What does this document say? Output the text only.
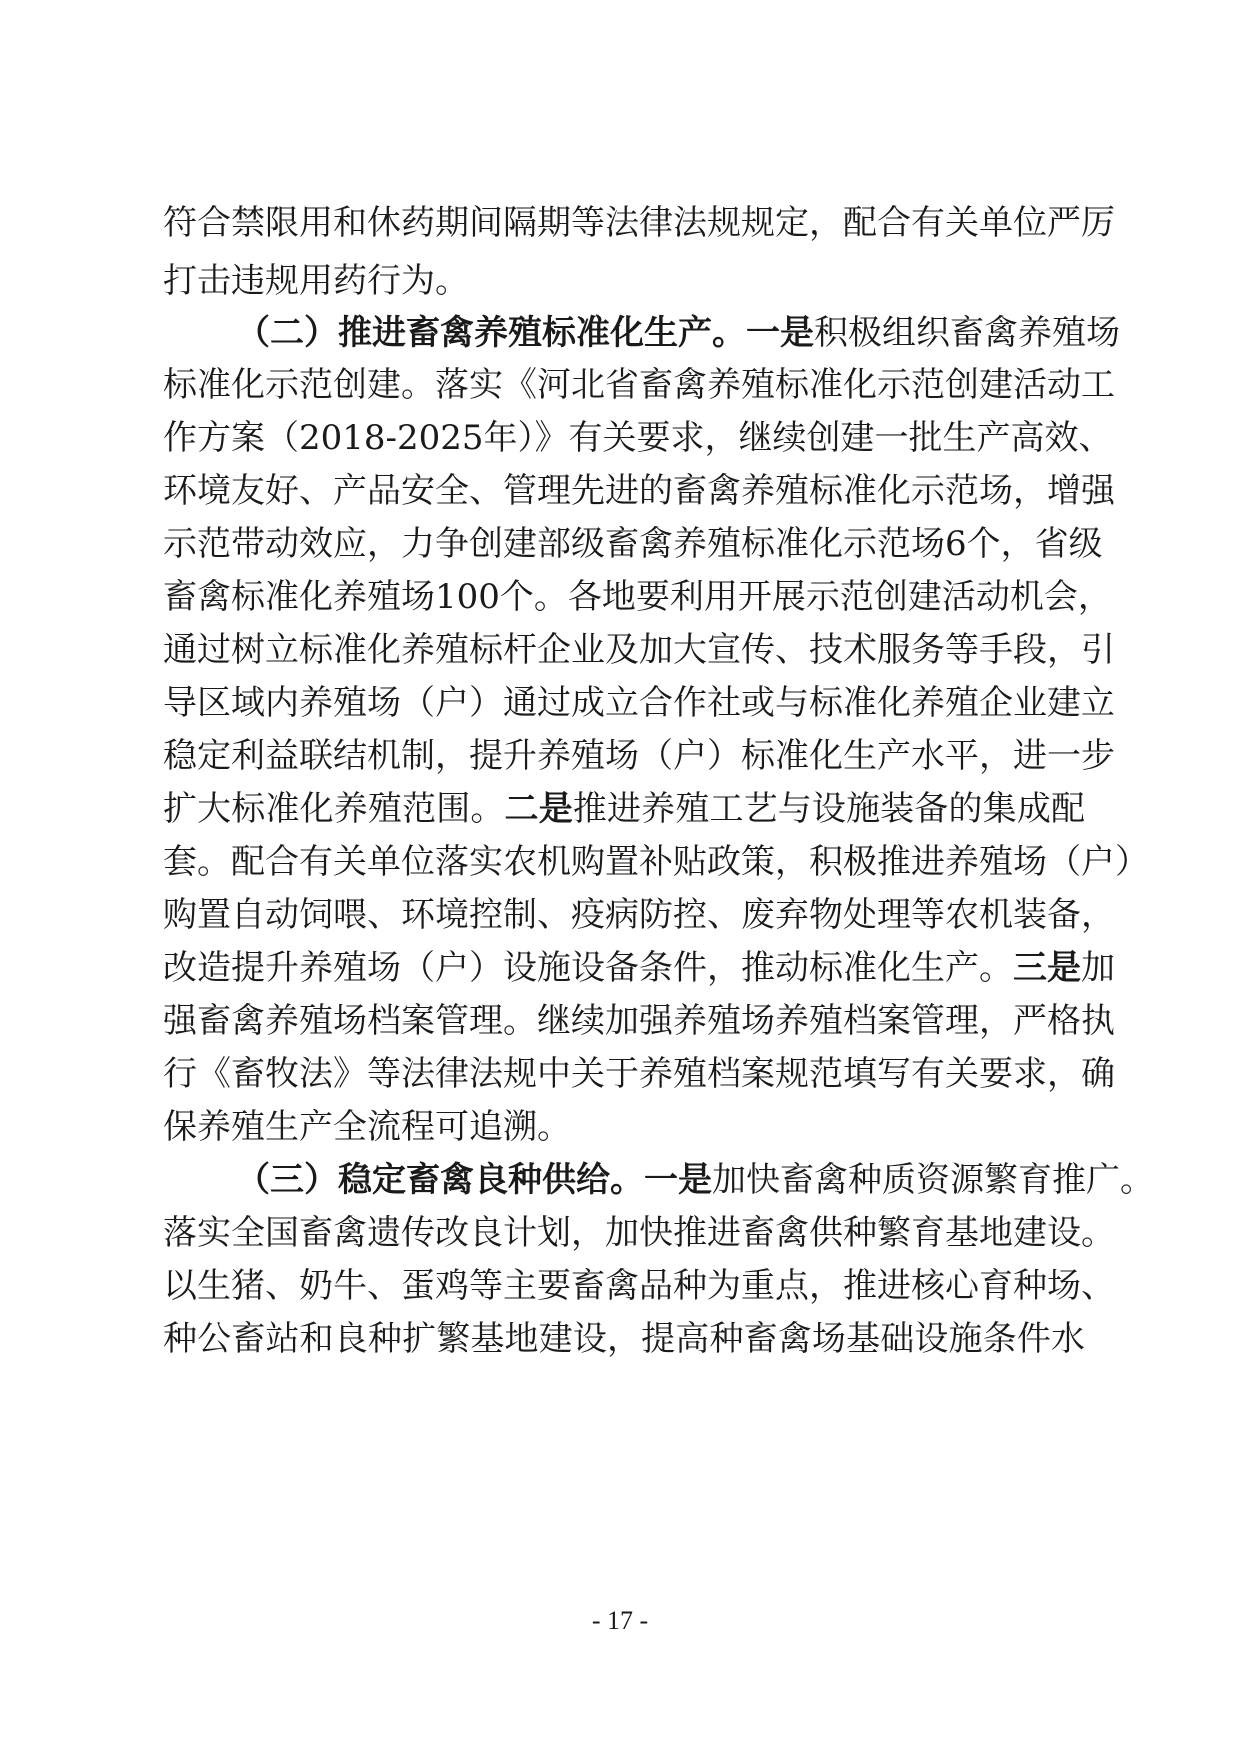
符合禁限用和休药期间隔期等法律法规规定，配合有关单位严厉
打击违规用药行为。
（二）推进畜禽养殖标准化生产。一是积极组织畜禽养殖场
标准化示范创建。落实《河北省畜禽养殖标准化示范创建活动工
作方案（2018-2025年）》有关要求，继续创建一批生产高效、
环境友好、产品安全、管理先进的畜禽养殖标准化示范场，增强
示范带动效应，力争创建部级畜禽养殖标准化示范场6个，省级
畜禽标准化养殖场100个。各地要利用开展示范创建活动机会，
通过树立标准化养殖标杆企业及加大宣传、技术服务等手段，引
导区域内养殖场（户）通过成立合作社或与标准化养殖企业建立
稳定利益联结机制，提升养殖场（户）标准化生产水平，进一步
扩大标准化养殖范围。二是推进养殖工艺与设施装备的集成配
套。配合有关单位落实农机购置补贴政策，积极推进养殖场（户）
购置自动饲喂、环境控制、疫病防控、废弃物处理等农机装备，
改造提升养殖场（户）设施设备条件，推动标准化生产。三是加
强畜禽养殖场档案管理。继续加强养殖场养殖档案管理，严格执
行《畜牧法》等法律法规中关于养殖档案规范填写有关要求，确
保养殖生产全流程可追溯。
（三）稳定畜禽良种供给。一是加快畜禽种质资源繁育推广。
落实全国畜禽遗传改良计划，加快推进畜禽供种繁育基地建设。
以生猪、奶牛、蛋鸡等主要畜禽品种为重点，推进核心育种场、
种公畜站和良种扩繁基地建设，提高种畜禽场基础设施条件水
- 17 -
